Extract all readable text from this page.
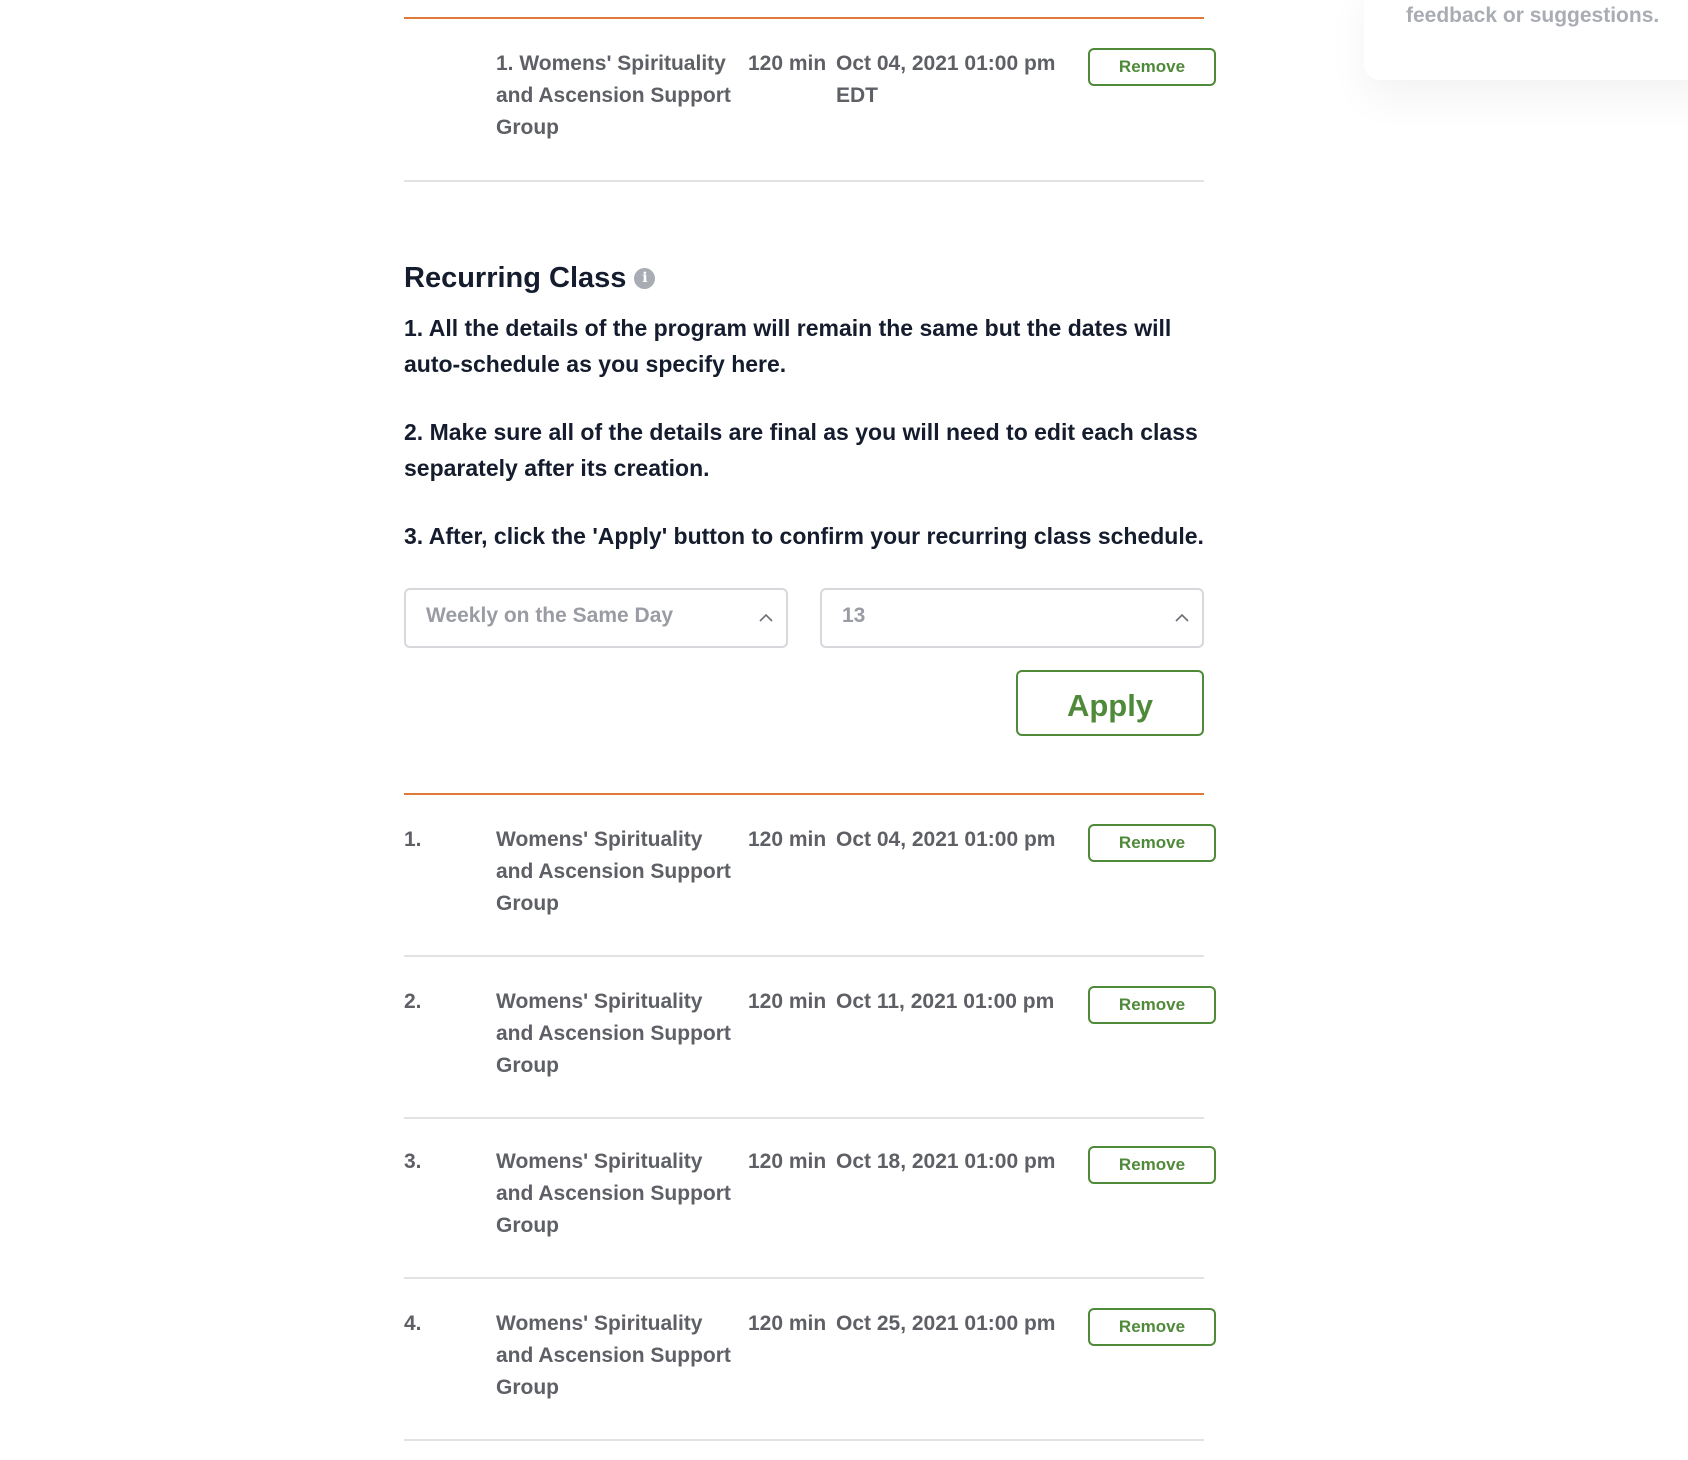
feedback or suggestions.
1. Womens' Spirituality and Ascension Support Group
120 min Oct 04, 2021 01:00 pm EDT
Remove
Recurring Class	i
1. All the details of the program will remain the same but the dates will auto-schedule as you specify here.
2. Make sure all of the details are final as you will need to edit each class separately after its creation.
3. After, click the 'Apply' button to confirm your recurring class schedule.
Weekly on the Same Day	13
Apply
1.	Womens' Spirituality and Ascension Support Group
120 min Oct 04, 2021 01:00 pm	Remove
2.	Womens' Spirituality and Ascension Support Group
120 min Oct 11, 2021 01:00 pm	Remove
3.	Womens' Spirituality and Ascension Support Group
120 min Oct 18, 2021 01:00 pm	Remove
4.	Womens' Spirituality and Ascension Support Group
120 min Oct 25, 2021 01:00 pm	Remove
